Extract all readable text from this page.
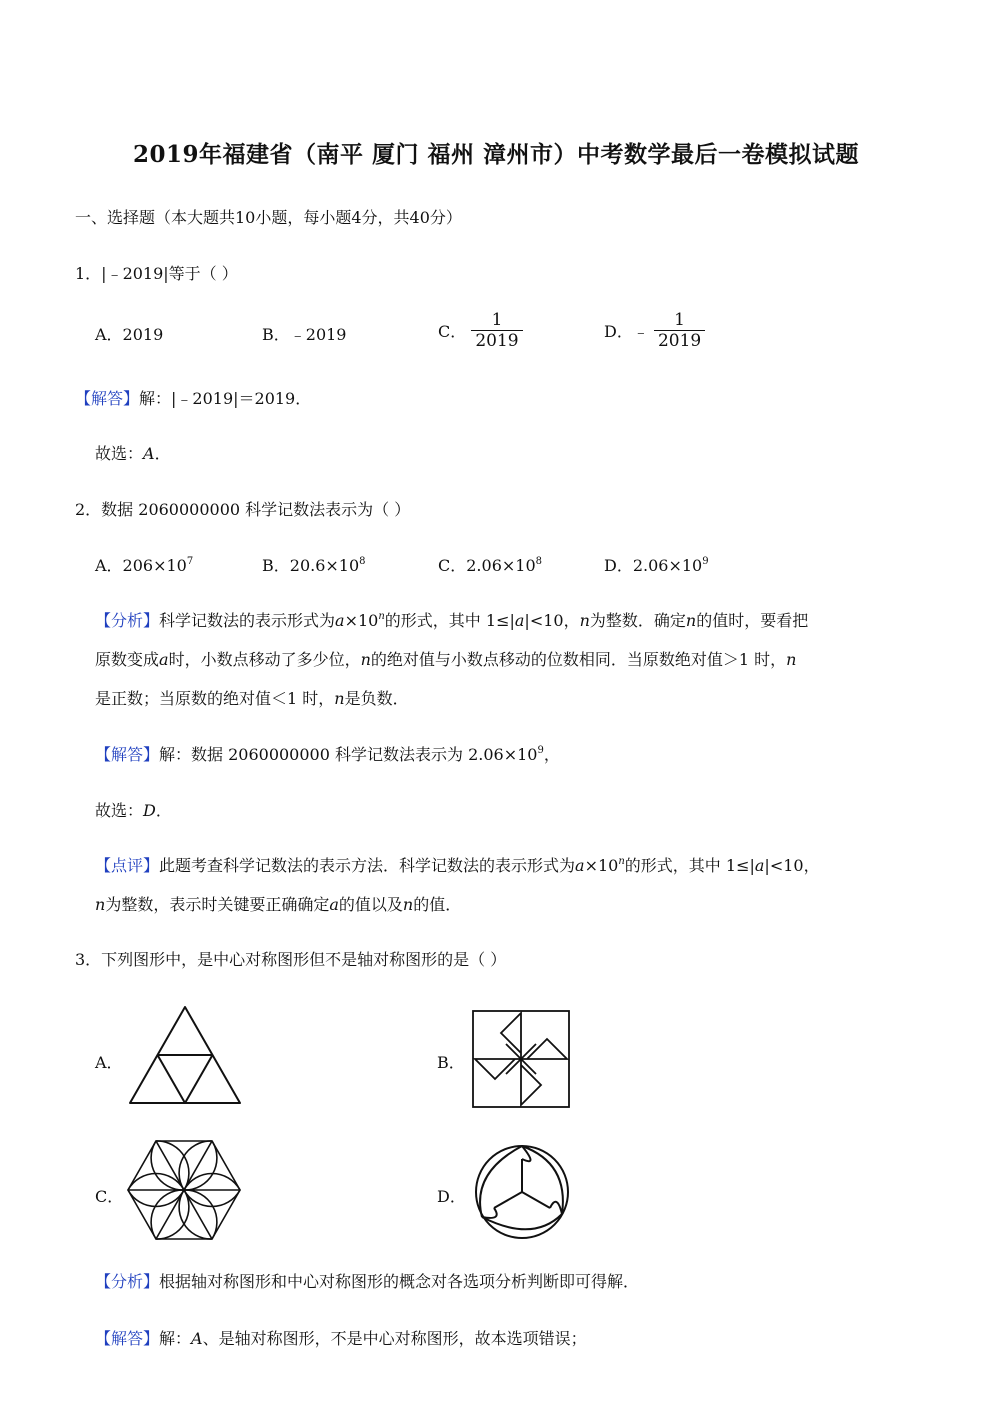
2019年福建省（南平 厦门 福州 漳州市）中考数学最后一卷模拟试题
一、选择题（本大题共10小题，每小题4分，共40分）
1．|﹣2019|等于（ ）
A．2019	B．﹣2019	C． $\frac{1}{2019}$	D．﹣ $\frac{1}{2019}$
【解答】解：|﹣2019|＝2019．
故选：A．
2．数据 2060000000 科学记数法表示为（ ）
A．$206\times 10^7$	B．$20.6\times 10^8$	C．$2.06\times 10^8$	D．$2.06\times 10^9$
【分析】科学记数法的表示形式为$a\times 10^n$的形式，其中 1≤|a|<10，n为整数．确定n的值时，要看把
原数变成a时，小数点移动了多少位，n的绝对值与小数点移动的位数相同．当原数绝对值＞1 时，n
是正数；当原数的绝对值＜1 时，n是负数．
【解答】解：数据 2060000000 科学记数法表示为 $2.06\times 10^9$，
故选：D．
【点评】此题考查科学记数法的表示方法．科学记数法的表示形式为$a\times 10^n$的形式，其中 1≤|a|<10，
n为整数，表示时关键要正确确定a的值以及n的值．
3．下列图形中，是中心对称图形但不是轴对称图形的是（ ）
A．	B．
C．	D．
【分析】根据轴对称图形和中心对称图形的概念对各选项分析判断即可得解．
【解答】解：A、是轴对称图形，不是中心对称图形，故本选项错误；
